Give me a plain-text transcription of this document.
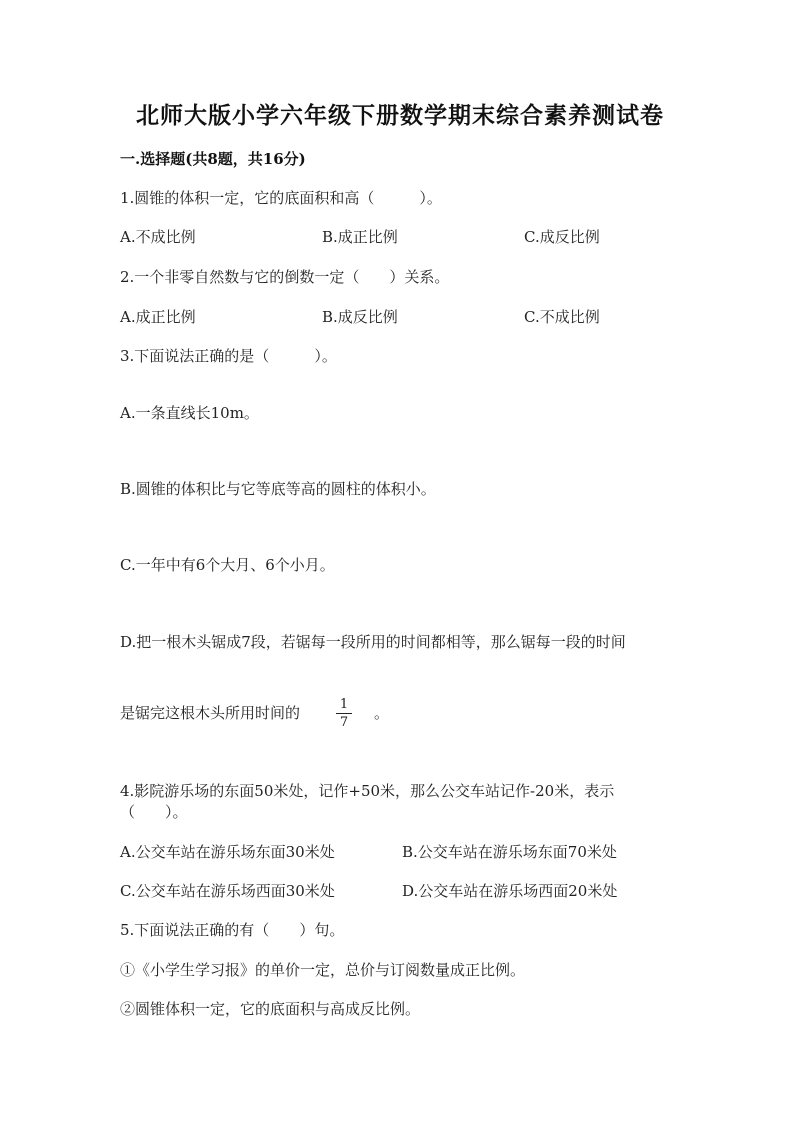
北师大版小学六年级下册数学期末综合素养测试卷
一.选择题(共8题，共16分)
1.圆锥的体积一定，它的底面积和高（　　　）。
A.不成比例	B.成正比例	C.成反比例
2.一个非零自然数与它的倒数一定（　　）关系。
A.成正比例	B.成反比例	C.不成比例
3.下面说法正确的是（　　　）。
A.一条直线长10m。
B.圆锥的体积比与它等底等高的圆柱的体积小。
C.一年中有6个大月、6个小月。
D.把一根木头锯成7段，若锯每一段所用的时间都相等，那么锯每一段的时间
是锯完这根木头所用时间的	1
7
。
4.影院游乐场的东面50米处，记作+50米，那么公交车站记作-20米，表示
（　　）。
A.公交车站在游乐场东面30米处	B.公交车站在游乐场东面70米处
C.公交车站在游乐场西面30米处	D.公交车站在游乐场西面20米处
5.下面说法正确的有（　　）句。
①《小学生学习报》的单价一定，总价与订阅数量成正比例。
②圆锥体积一定，它的底面积与高成反比例。
